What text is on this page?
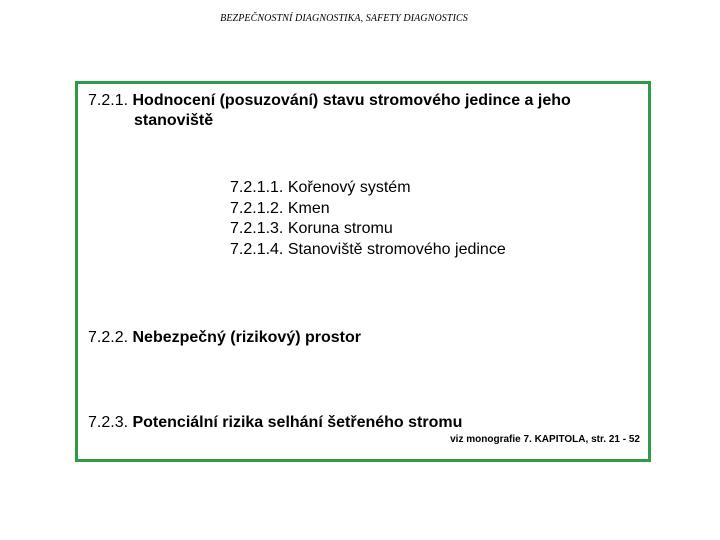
BEZPEČNOSTNÍ DIAGNOSTIKA, SAFETY DIAGNOSTICS
7.2.1. Hodnocení (posuzování) stavu stromového jedince a jeho
stanoviště
7.2.1.1. Kořenový systém
7.2.1.2. Kmen
7.2.1.3. Koruna stromu
7.2.1.4. Stanoviště stromového jedince
7.2.2. Nebezpečný (rizikový) prostor
7.2.3. Potenciální rizika selhání šetřeného stromu
viz monografie 7. KAPITOLA, str. 21 - 52
